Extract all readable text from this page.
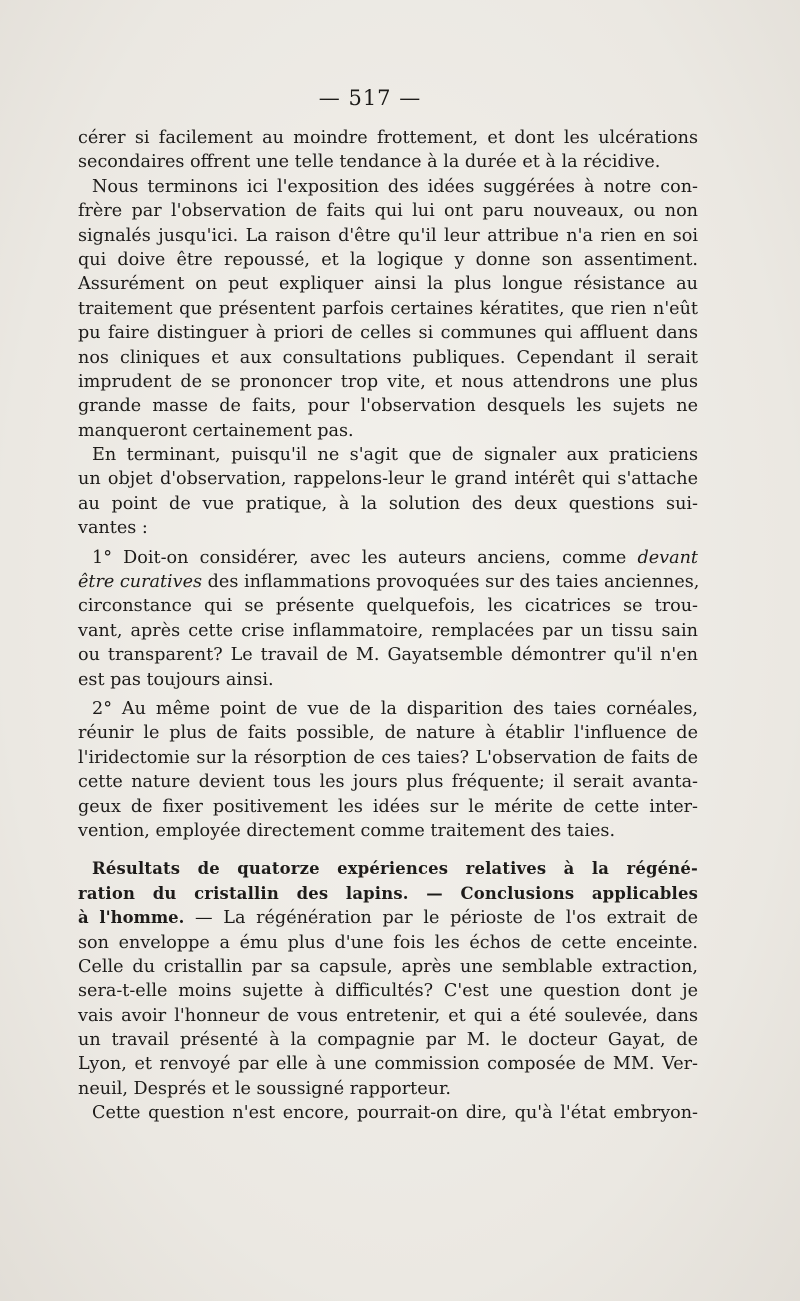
— 517 —
cérer si facilement au moindre frottement, et dont les ulcérations
secondaires offrent une telle tendance à la durée et à la récidive.
Nous terminons ici l'exposition des idées suggérées à notre con-
frère par l'observation de faits qui lui ont paru nouveaux, ou non
signalés jusqu'ici. La raison d'être qu'il leur attribue n'a rien en soi
qui doive être repoussé, et la logique y donne son assentiment.
Assurément on peut expliquer ainsi la plus longue résistance au
traitement que présentent parfois certaines kératites, que rien n'eût
pu faire distinguer à priori de celles si communes qui affluent dans
nos cliniques et aux consultations publiques. Cependant il serait
imprudent de se prononcer trop vite, et nous attendrons une plus
grande masse de faits, pour l'observation desquels les sujets ne
manqueront certainement pas.
En terminant, puisqu'il ne s'agit que de signaler aux praticiens
un objet d'observation, rappelons-leur le grand intérêt qui s'attache
au point de vue pratique, à la solution des deux questions sui-
vantes :
1° Doit-on considérer, avec les auteurs anciens, comme devant
être curatives des inflammations provoquées sur des taies anciennes,
circonstance qui se présente quelquefois, les cicatrices se trou-
vant, après cette crise inflammatoire, remplacées par un tissu sain
ou transparent? Le travail de M. Gayatsemble démontrer qu'il n'en
est pas toujours ainsi.
2° Au même point de vue de la disparition des taies cornéales,
réunir le plus de faits possible, de nature à établir l'influence de
l'iridectomie sur la résorption de ces taies? L'observation de faits de
cette nature devient tous les jours plus fréquente; il serait avanta-
geux de fixer positivement les idées sur le mérite de cette inter-
vention, employée directement comme traitement des taies.
Résultats de quatorze expériences relatives à la régéné-
ration du cristallin des lapins. — Conclusions applicables
à l'homme. — La régénération par le périoste de l'os extrait de
son enveloppe a ému plus d'une fois les échos de cette enceinte.
Celle du cristallin par sa capsule, après une semblable extraction,
sera-t-elle moins sujette à difficultés? C'est une question dont je
vais avoir l'honneur de vous entretenir, et qui a été soulevée, dans
un travail présenté à la compagnie par M. le docteur Gayat, de
Lyon, et renvoyé par elle à une commission composée de MM. Ver-
neuil, Després et le soussigné rapporteur.
Cette question n'est encore, pourrait-on dire, qu'à l'état embryon-
